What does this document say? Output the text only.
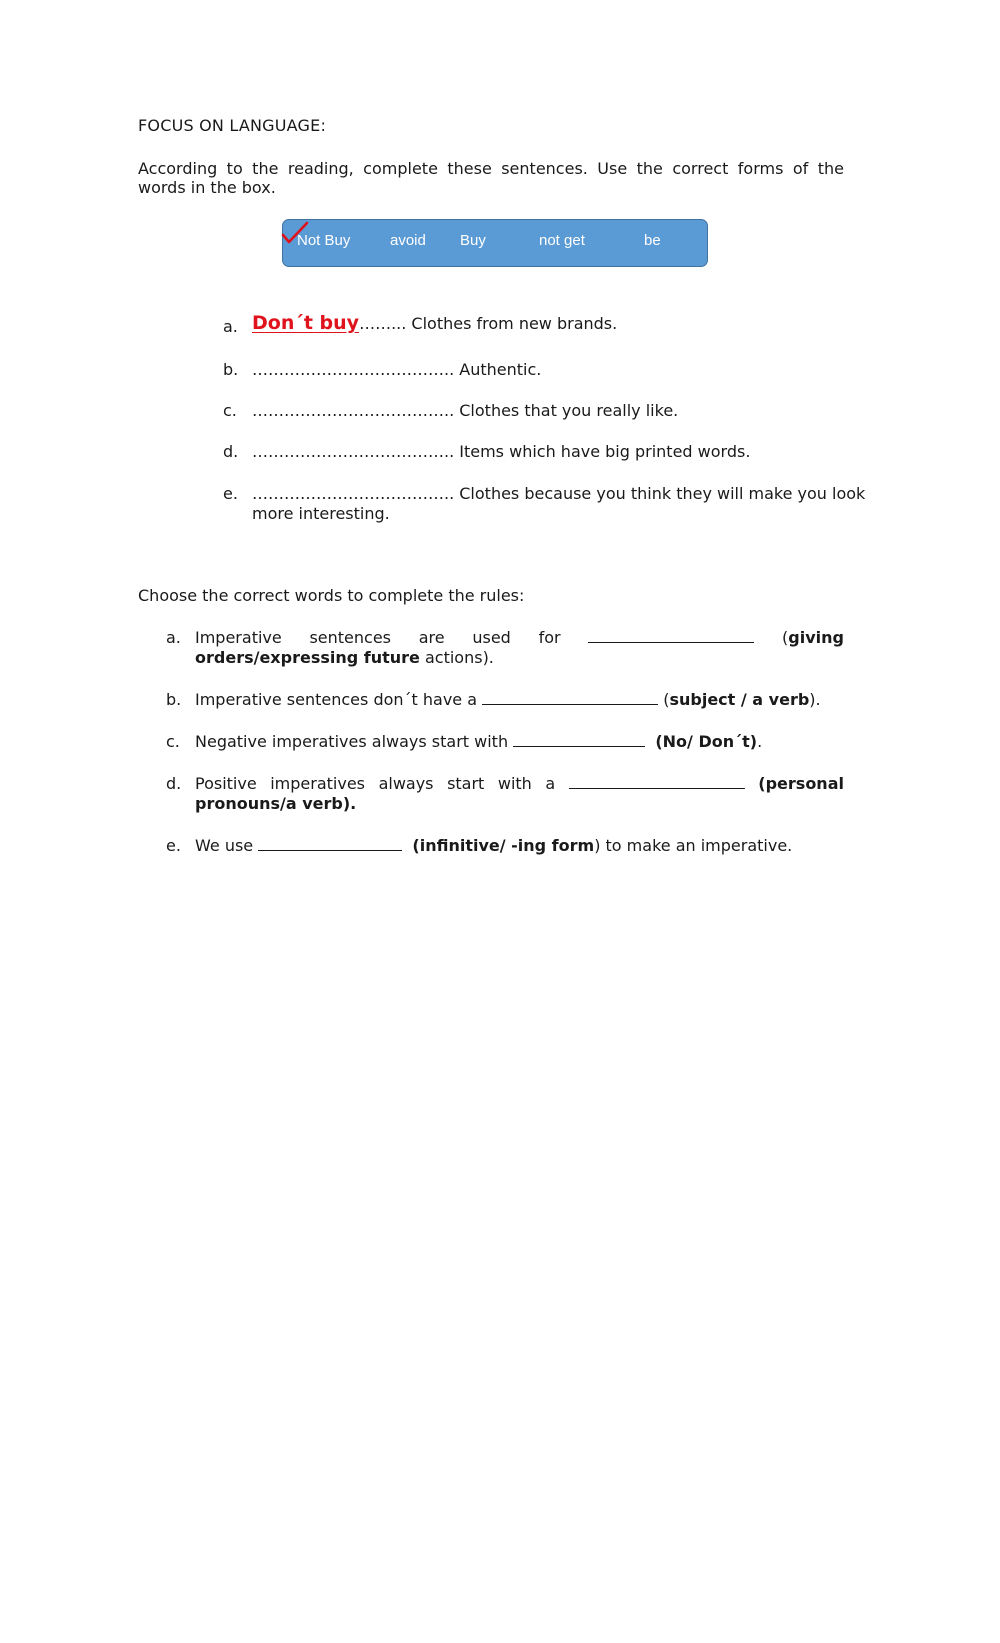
FOCUS ON LANGUAGE:
According to the reading, complete these sentences. Use the correct forms of the words in the box.
Not Buy	avoid Buy	not get	be
a. Don´t buy……... Clothes from new brands.
b. ……………………………….. Authentic.
c. ……………………………….. Clothes that you really like.
d. ……………………………….. Items which have big printed words.
e. ……………………………….. Clothes because you think they will make you look
more interesting.
Choose the correct words to complete the rules:
a. Imperative sentences are used for	(giving
orders/expressing future actions).
b. Imperative sentences don´t have a	(subject / a verb).
c. Negative imperatives always start with	(No/ Don´t).
d. Positive imperatives always start with a	(personal
pronouns/a verb).
e. We use	(infinitive/ -ing form) to make an imperative.
